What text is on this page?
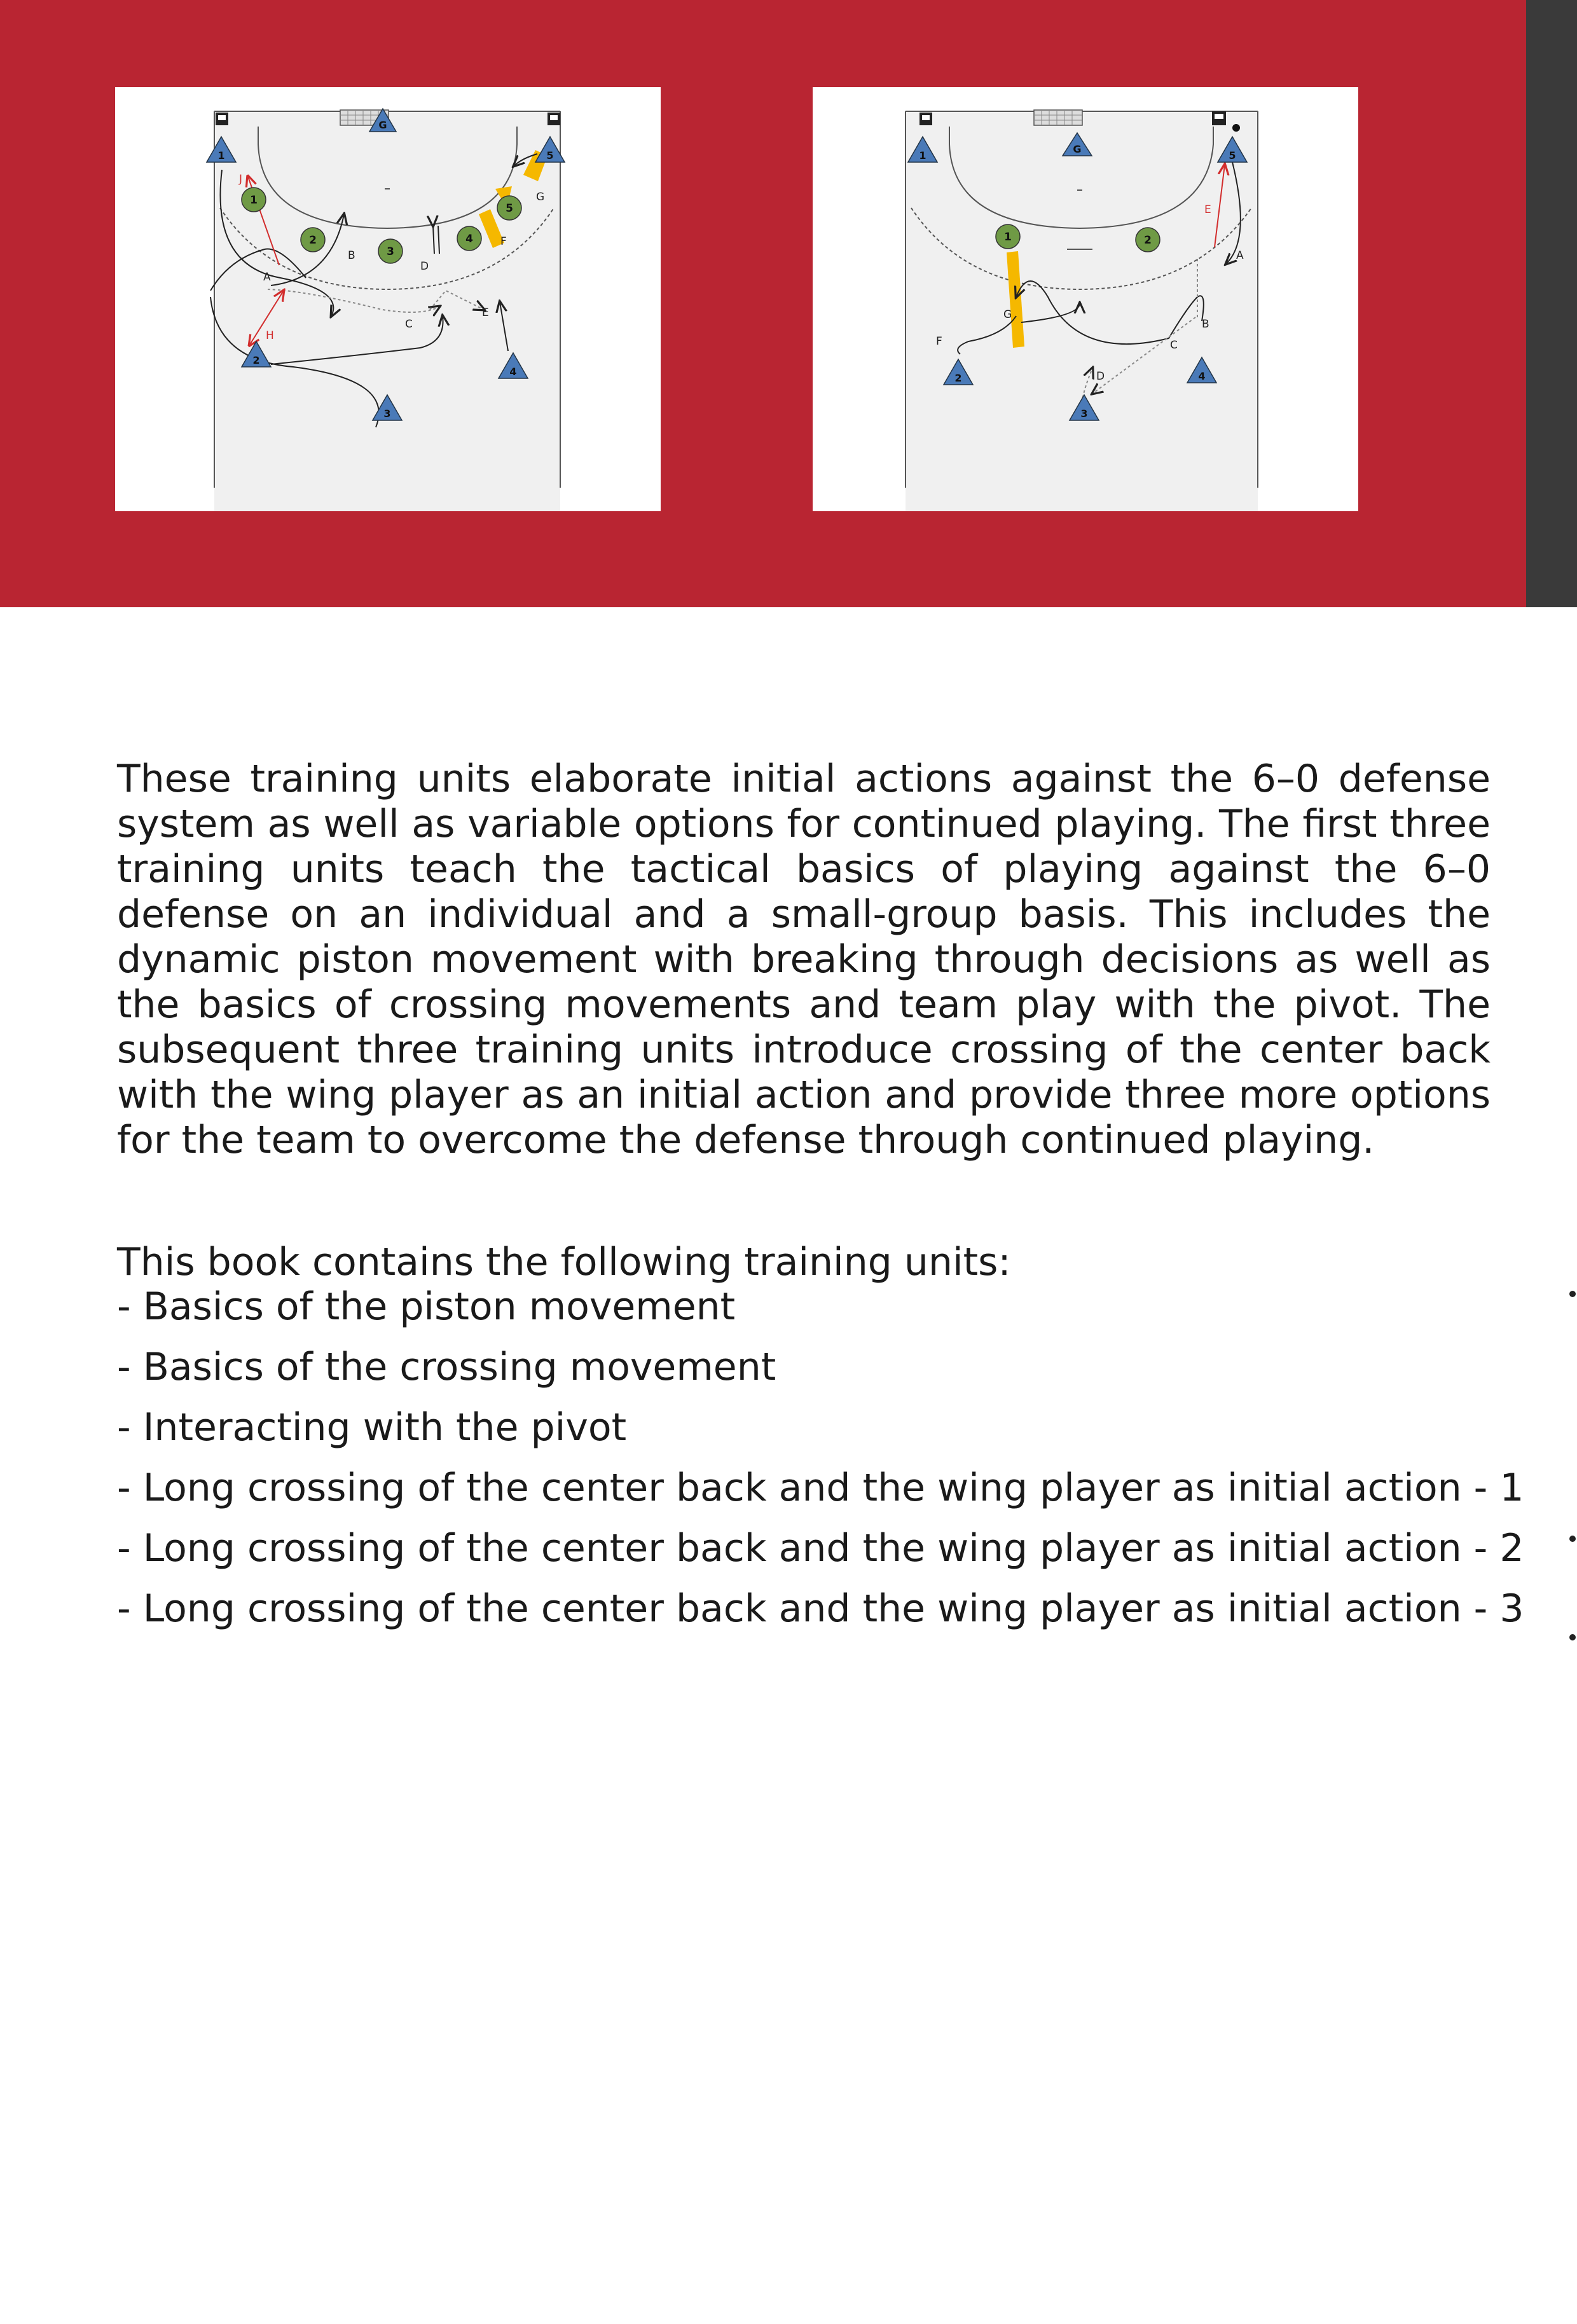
J
A
B
C
D
E
F
G
H
1
2
3
4
5
G
1
2
3
4
5
A
B
C
D
E
F
G
1	2
G
1
2
3
4
5

These training units elaborate initial actions against the 6–0 defense system as well as variable options for continued playing. The first three training units teach the tactical basics of playing against the 6–0 defense on an individual and a small-group basis. This includes the dynamic piston movement with breaking through decisions as well as the basics of crossing movements and team play with the pivot. The subsequent three training units introduce crossing of the center back with the wing player as an initial action and provide three more options for the team to overcome the defense through continued playing.

This book contains the following training units:

- Basics of the piston movement
- Basics of the crossing movement
- Interacting with the pivot
- Long crossing of the center back and the wing player as initial action - 1
- Long crossing of the center back and the wing player as initial action - 2
- Long crossing of the center back and the wing player as initial action - 3
